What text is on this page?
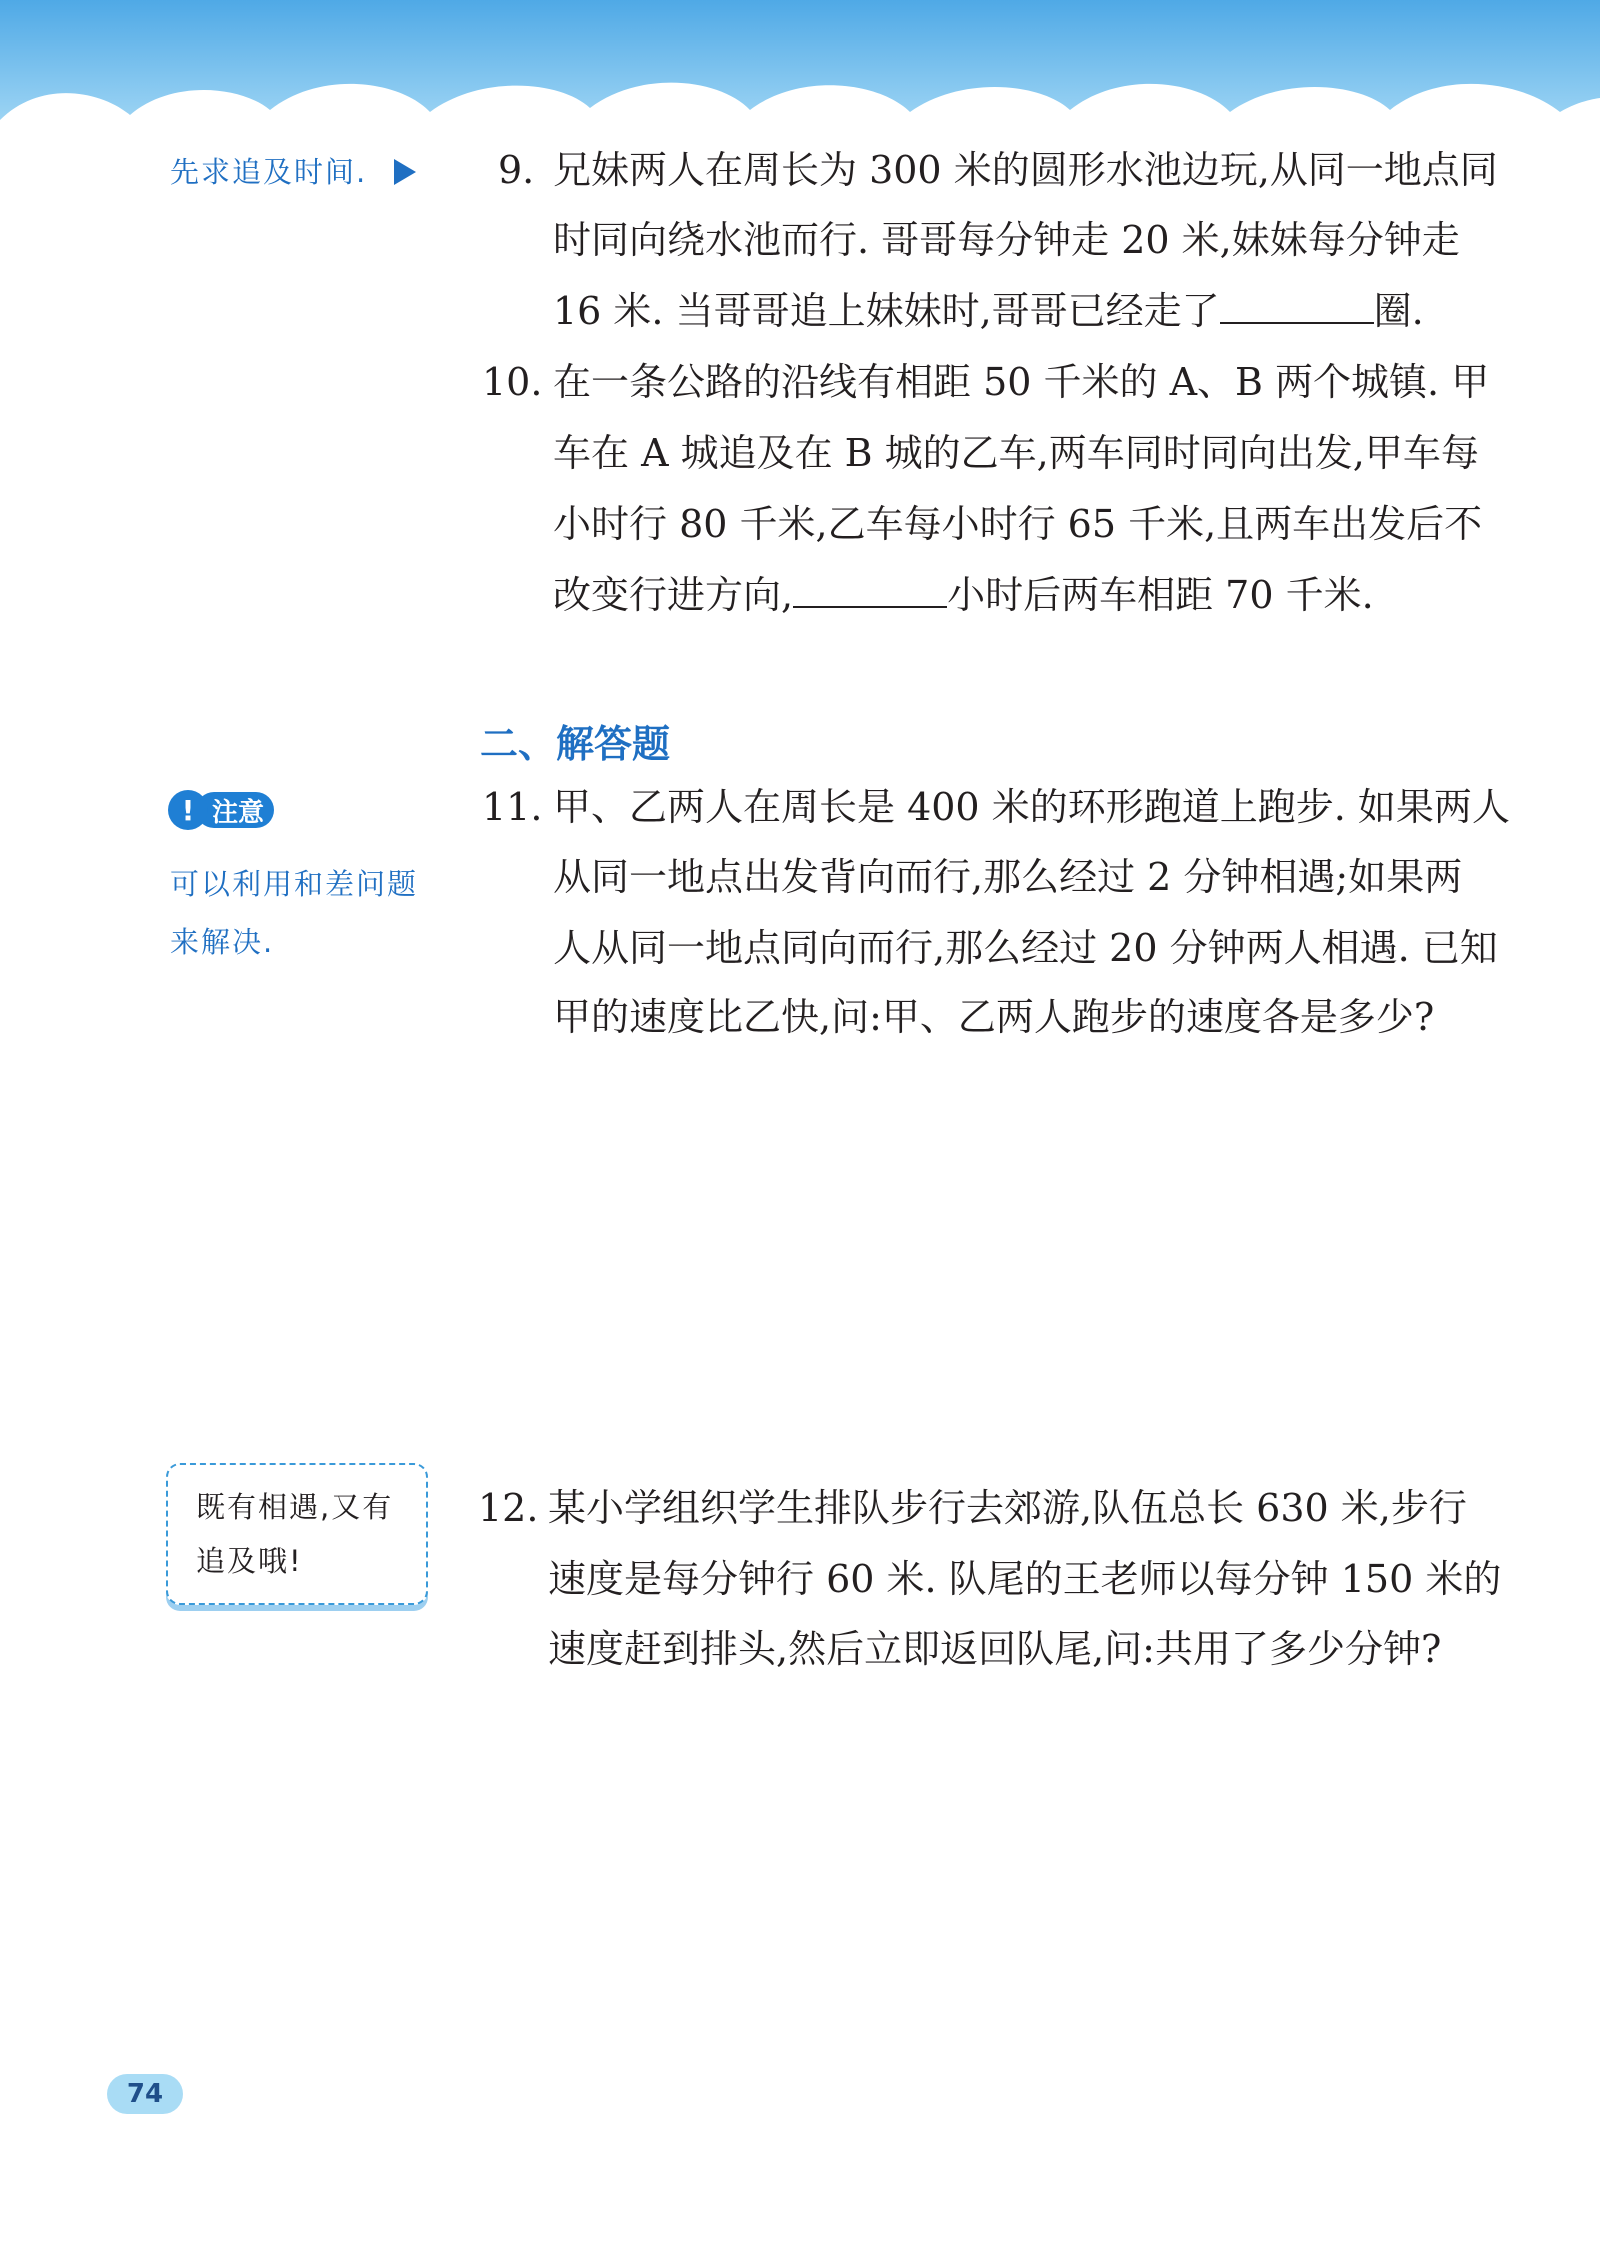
先求追及时间.	9. 兄妹两人在周长为 300 米的圆形水池边玩,从同一地点同
时同向绕水池而行. 哥哥每分钟走 20 米,妹妹每分钟走
16 米. 当哥哥追上妹妹时,哥哥已经走了	圈.
10. 在一条公路的沿线有相距 50 千米的 A、B 两个城镇. 甲
车在 A 城追及在 B 城的乙车,两车同时同向出发,甲车每
小时行 80 千米,乙车每小时行 65 千米,且两车出发后不
改变行进方向,	小时后两车相距 70 千米.
二、解答题
! 注意
可以利用和差问题
来解决.
11. 甲、乙两人在周长是 400 米的环形跑道上跑步. 如果两人
从同一地点出发背向而行,那么经过 2 分钟相遇;如果两
人从同一地点同向而行,那么经过 20 分钟两人相遇. 已知
甲的速度比乙快,问:甲、乙两人跑步的速度各是多少?
既有相遇,又有
追及哦!
12. 某小学组织学生排队步行去郊游,队伍总长 630 米,步行
速度是每分钟行 60 米. 队尾的王老师以每分钟 150 米的
速度赶到排头,然后立即返回队尾,问:共用了多少分钟?
74
